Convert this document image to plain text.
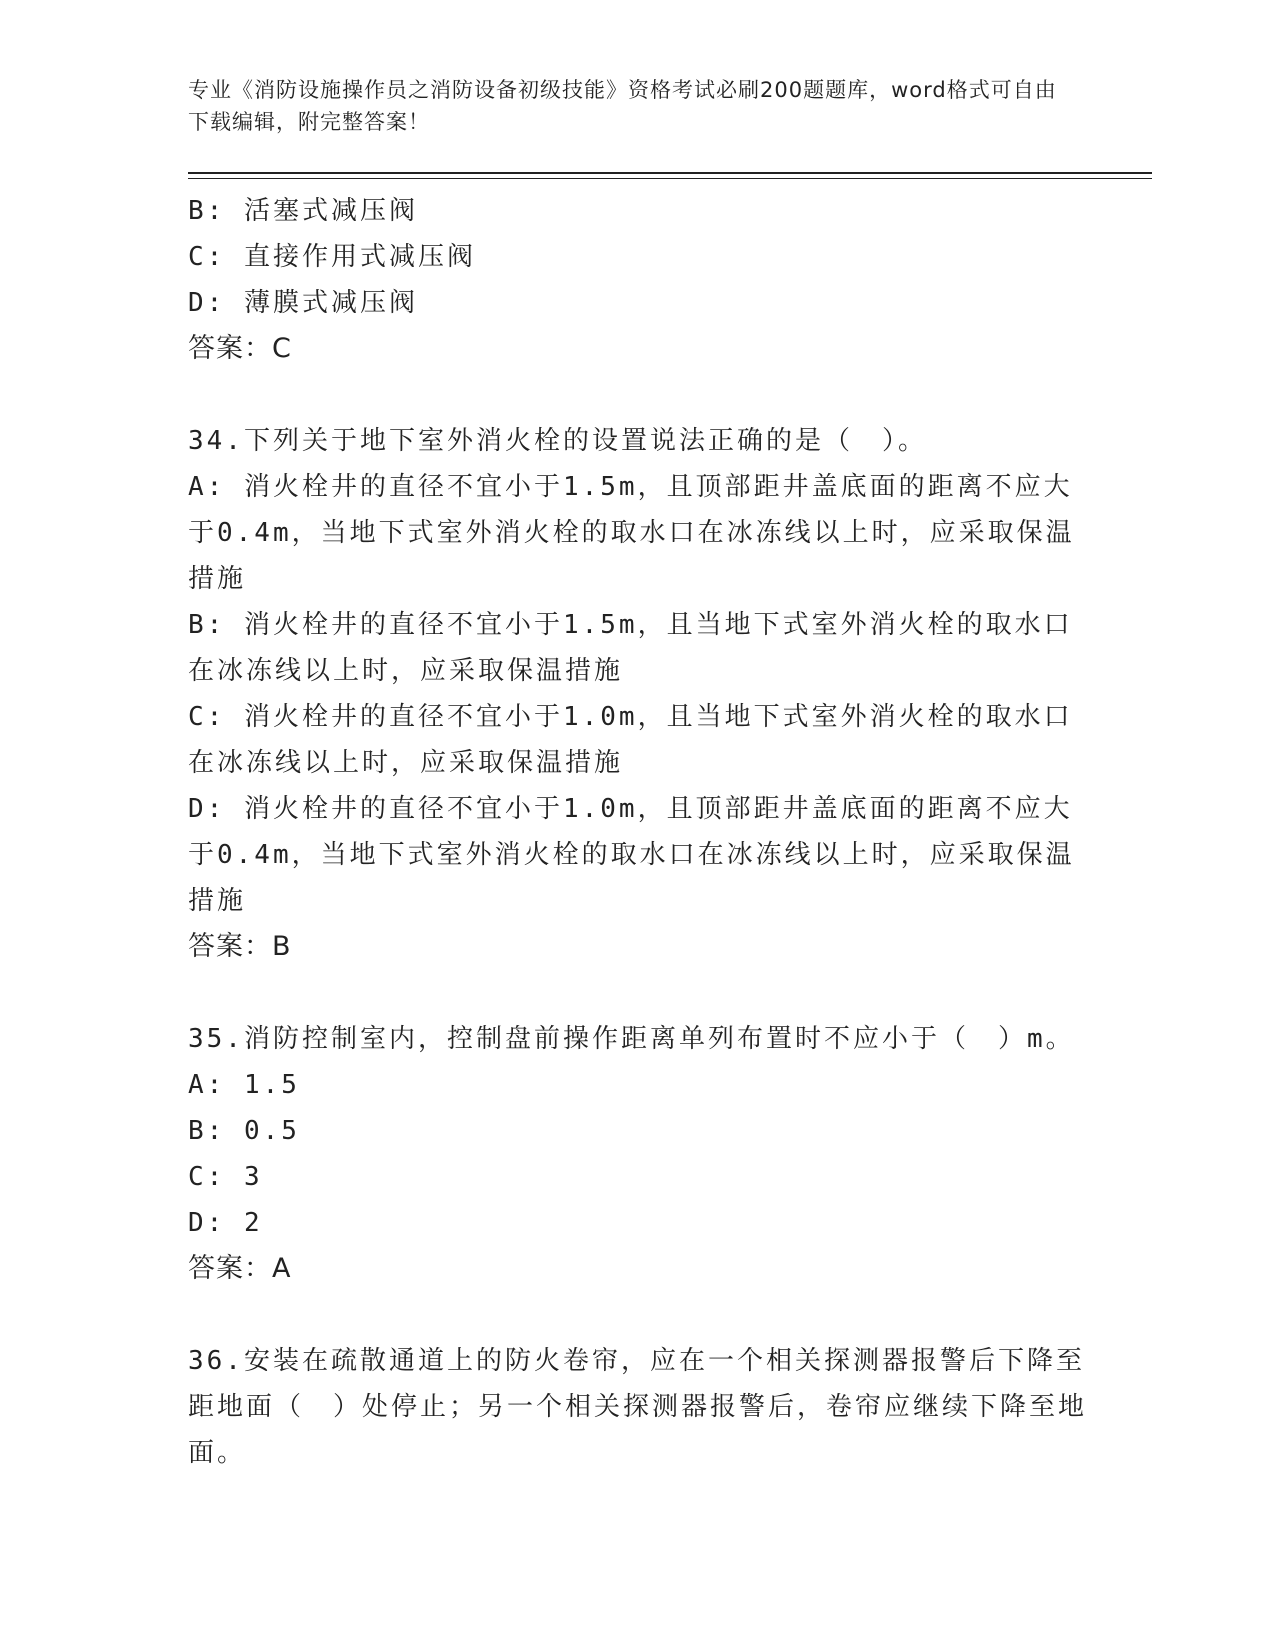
专业《消防设施操作员之消防设备初级技能》资格考试必刷200题题库，word格式可自由下载编辑，附完整答案！
B: 活塞式减压阀
C: 直接作用式减压阀
D: 薄膜式减压阀
答案：C
34.下列关于地下室外消火栓的设置说法正确的是（　）。
A: 消火栓井的直径不宜小于1.5m，且顶部距井盖底面的距离不应大于0.4m，当地下式室外消火栓的取水口在冰冻线以上时，应采取保温措施
B: 消火栓井的直径不宜小于1.5m，且当地下式室外消火栓的取水口在冰冻线以上时，应采取保温措施
C: 消火栓井的直径不宜小于1.0m，且当地下式室外消火栓的取水口在冰冻线以上时，应采取保温措施
D: 消火栓井的直径不宜小于1.0m，且顶部距井盖底面的距离不应大于0.4m，当地下式室外消火栓的取水口在冰冻线以上时，应采取保温措施
答案：B
35.消防控制室内，控制盘前操作距离单列布置时不应小于（　）m。
A: 1.5
B: 0.5
C: 3
D: 2
答案：A
36.安装在疏散通道上的防火卷帘，应在一个相关探测器报警后下降至距地面（　）处停止；另一个相关探测器报警后，卷帘应继续下降至地面。
